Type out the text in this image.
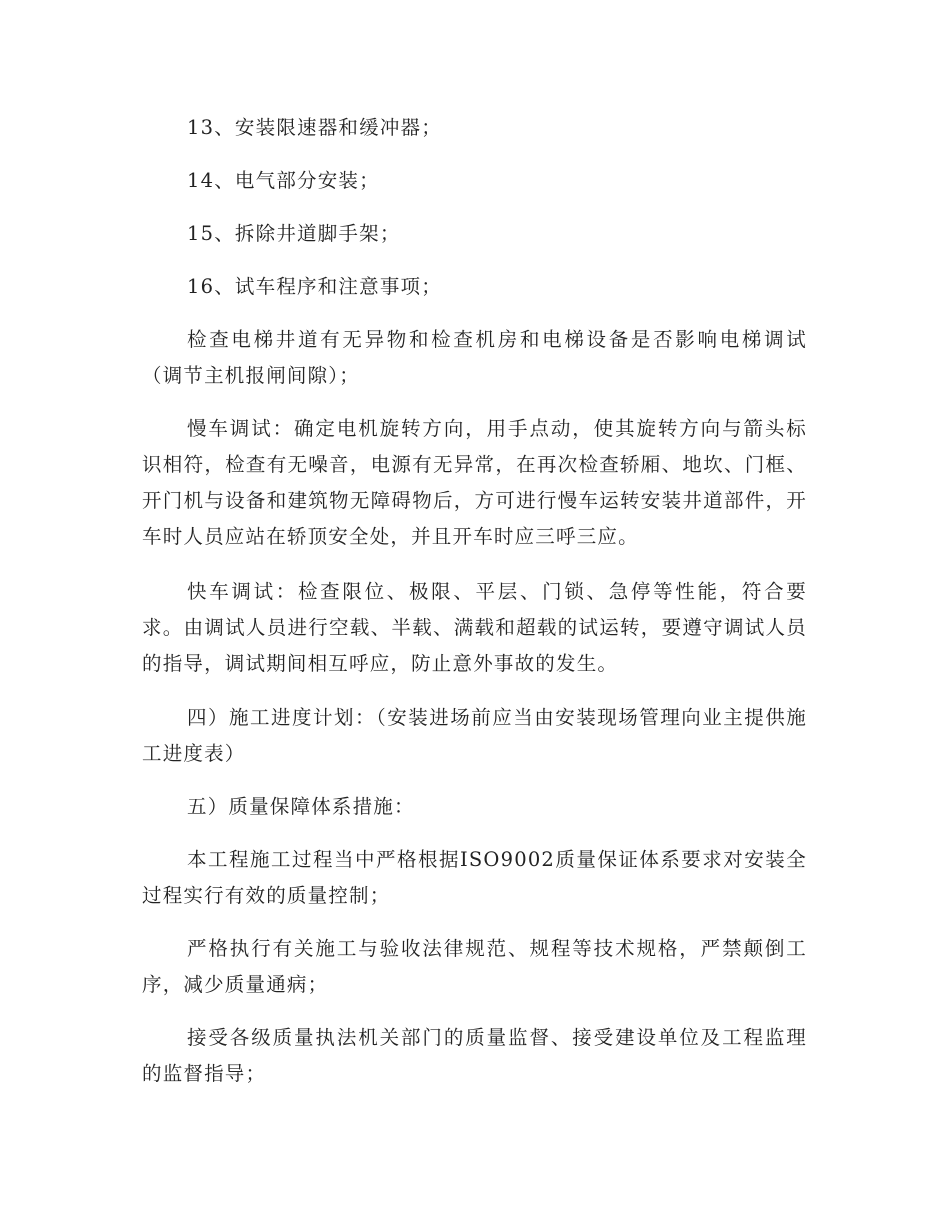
13、安装限速器和缓冲器；

14、电气部分安装；

15、拆除井道脚手架；

16、试车程序和注意事项；

检查电梯井道有无异物和检查机房和电梯设备是否影响电梯调试（调节主机报闸间隙）；

慢车调试：确定电机旋转方向，用手点动，使其旋转方向与箭头标识相符，检查有无噪音，电源有无异常，在再次检查轿厢、地坎、门框、开门机与设备和建筑物无障碍物后，方可进行慢车运转安装井道部件，开车时人员应站在轿顶安全处，并且开车时应三呼三应。

快车调试：检查限位、极限、平层、门锁、急停等性能，符合要求。由调试人员进行空载、半载、满载和超载的试运转，要遵守调试人员的指导，调试期间相互呼应，防止意外事故的发生。

四）施工进度计划：（安装进场前应当由安装现场管理向业主提供施工进度表）

五）质量保障体系措施：

本工程施工过程当中严格根据ISO9002质量保证体系要求对安装全过程实行有效的质量控制；

严格执行有关施工与验收法律规范、规程等技术规格，严禁颠倒工序，减少质量通病；

接受各级质量执法机关部门的质量监督、接受建设单位及工程监理的监督指导；
